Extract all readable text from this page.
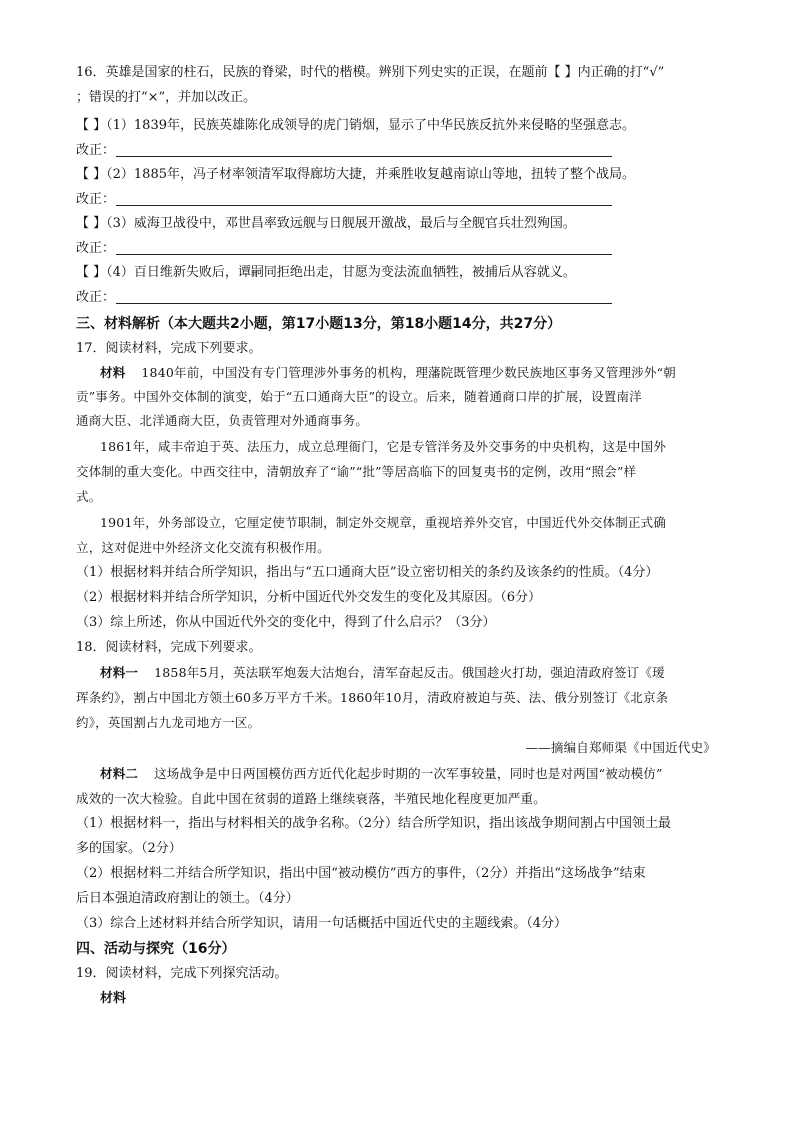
16．英雄是国家的柱石，民族的脊梁，时代的楷模。辨别下列史实的正误，在题前【 】内正确的打“√”
；错误的打“×”，并加以改正。
【 】（1）1839年，民族英雄陈化成领导的虎门销烟，显示了中华民族反抗外来侵略的坚强意志。
改正：
【 】（2）1885年，冯子材率领清军取得廊坊大捷，并乘胜收复越南谅山等地，扭转了整个战局。
改正：
【 】（3）威海卫战役中，邓世昌率致远舰与日舰展开激战，最后与全舰官兵壮烈殉国。
改正：
【 】（4）百日维新失败后，谭嗣同拒绝出走，甘愿为变法流血牺牲，被捕后从容就义。
改正：
三、材料解析（本大题共2小题，第17小题13分，第18小题14分，共27分）
17．阅读材料，完成下列要求。
材料 1840年前，中国没有专门管理涉外事务的机构，理藩院既管理少数民族地区事务又管理涉外“朝
贡”事务。中国外交体制的演变，始于“五口通商大臣”的设立。后来，随着通商口岸的扩展，设置南洋
通商大臣、北洋通商大臣，负责管理对外通商事务。
1861年，咸丰帝迫于英、法压力，成立总理衙门，它是专管洋务及外交事务的中央机构，这是中国外
交体制的重大变化。中西交往中，清朝放弃了“谕”“批”等居高临下的回复夷书的定例，改用“照会”样
式。
1901年，外务部设立，它厘定使节职制，制定外交规章，重视培养外交官，中国近代外交体制正式确
立，这对促进中外经济文化交流有积极作用。
（1）根据材料并结合所学知识，指出与“五口通商大臣”设立密切相关的条约及该条约的性质。（4分）
（2）根据材料并结合所学知识，分析中国近代外交发生的变化及其原因。（6分）
（3）综上所述，你从中国近代外交的变化中，得到了什么启示？（3分）
18．阅读材料，完成下列要求。
材料一 1858年5月，英法联军炮轰大沽炮台，清军奋起反击。俄国趁火打劫，强迫清政府签订《瑷
珲条约》，割占中国北方领土60多万平方千米。1860年10月，清政府被迫与英、法、俄分别签订《北京条
约》，英国割占九龙司地方一区。
——摘编自郑师渠《中国近代史》
材料二 这场战争是中日两国模仿西方近代化起步时期的一次军事较量，同时也是对两国“被动模仿”
成效的一次大检验。自此中国在贫弱的道路上继续衰落，半殖民地化程度更加严重。
（1）根据材料一，指出与材料相关的战争名称。（2分）结合所学知识，指出该战争期间割占中国领土最
多的国家。（2分）
（2）根据材料二并结合所学知识，指出中国“被动模仿”西方的事件，（2分）并指出“这场战争”结束
后日本强迫清政府割让的领土。（4分）
（3）综合上述材料并结合所学知识，请用一句话概括中国近代史的主题线索。（4分）
四、活动与探究（16分）
19．阅读材料，完成下列探究活动。
材料
